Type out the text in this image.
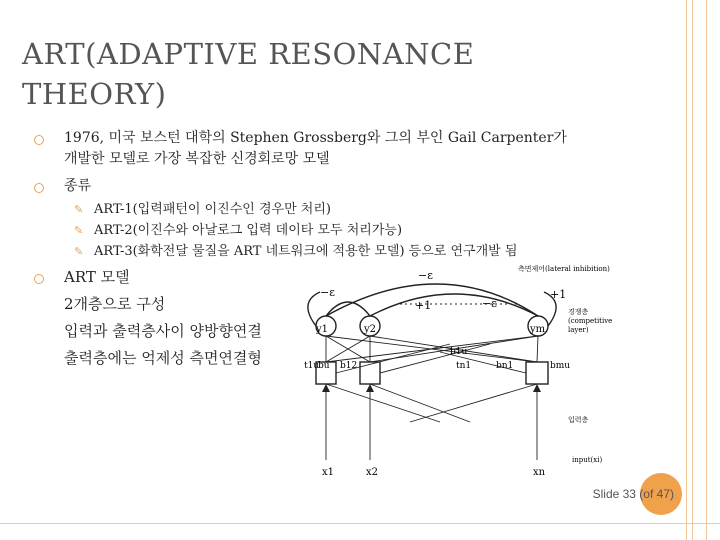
ART(ADAPTIVE RESONANCE
THEORY)
1976, 미국 보스턴 대학의 Stephen Grossberg와 그의 부인 Gail Carpenter가
개발한 모델로 가장 복잡한 신경회로망 모델
종류
✎ ART-1(입력패턴이 이진수인 경우만 처리)
✎ ART-2(이진수와 아날로그 입력 데이타 모두 처리가능)
✎ ART-3(화학전달 물질을 ART 네트워크에 적용한 모델) 등으로 연구개발 됨
ART 모델
2개층으로 구성
입력과 출력층사이 양방향연결
출력층에는 억제성 측면연결형
−ε	측면제어(lateral inhibition)
−ε
+1	−ε
+1
y1	y2	ym
경쟁층 (competitive layer)
bu b12
b1u
bn1
t1u	tn1	bmu
입력층
input(xi)
x1	x2	xn
Slide 33 (of 47)
